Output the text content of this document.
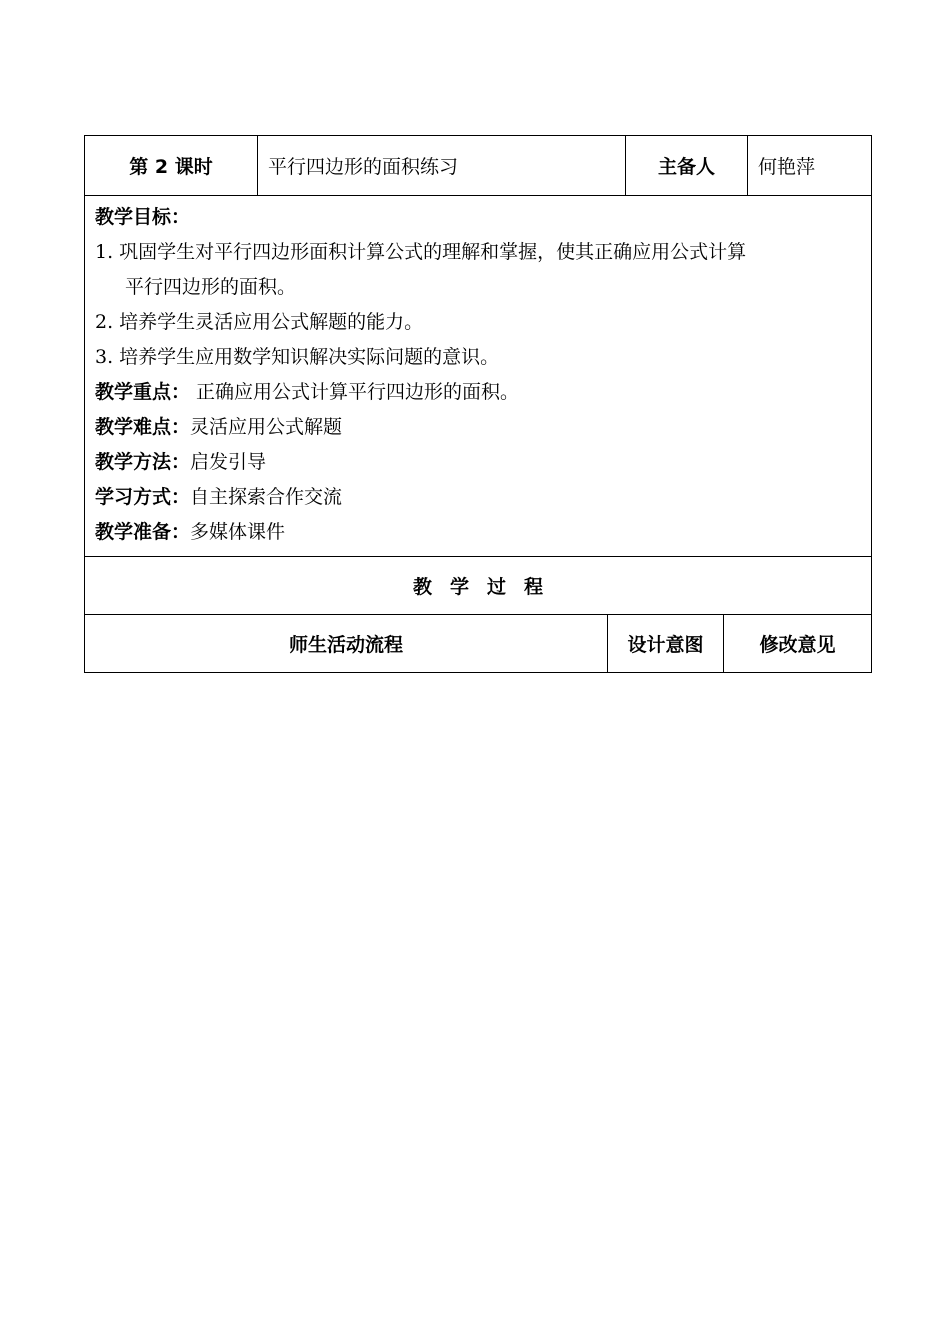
第 2 课时	平行四边形的面积练习	主备人	何艳萍
教学目标：
1. 巩固学生对平行四边形面积计算公式的理解和掌握，使其正确应用公式计算
平行四边形的面积。
2. 培养学生灵活应用公式解题的能力。
3. 培养学生应用数学知识解决实际问题的意识。
教学重点： 正确应用公式计算平行四边形的面积。
教学难点：灵活应用公式解题
教学方法：启发引导
学习方式：自主探索合作交流
教学准备：多媒体课件
教学过程
师生活动流程	设计意图	修改意见
